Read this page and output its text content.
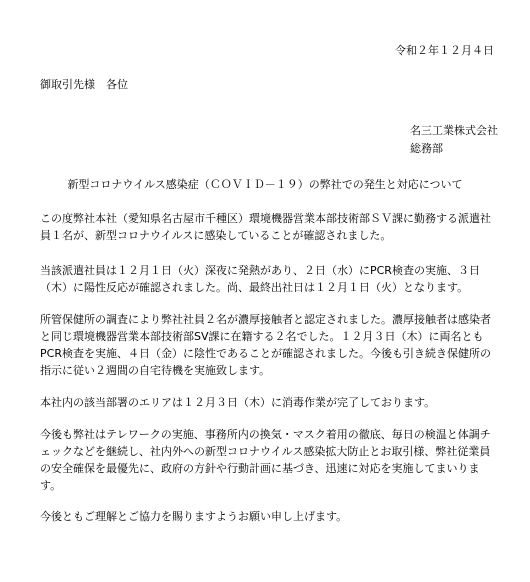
令和２年１２月４日
御取引先様　各位
名三工業株式会社
総務部
新型コロナウイルス感染症（ＣＯＶＩＤ－１９）の弊社での発生と対応について
この度弊社本社（愛知県名古屋市千種区）環境機器営業本部技術部ＳＶ課に勤務する派遣社員１名が、新型コロナウイルスに感染していることが確認されました。
当該派遣社員は１２月１日（火）深夜に発熱があり、２日（水）にPCR検査の実施、３日（木）に陽性反応が確認されました。尚、最終出社日は１２月１日（火）となります。
所管保健所の調査により弊社社員２名が濃厚接触者と認定されました。濃厚接触者は感染者と同じ環境機器営業本部技術部SV課に在籍する２名でした。１２月３日（木）に両名ともPCR検査を実施、４日（金）に陰性であることが確認されました。今後も引き続き保健所の指示に従い２週間の自宅待機を実施致します。
本社内の該当部署のエリアは１２月３日（木）に消毒作業が完了しております。
今後も弊社はテレワークの実施、事務所内の換気・マスク着用の徹底、毎日の検温と体調チェックなどを継続し、社内外への新型コロナウイルス感染拡大防止とお取引様、弊社従業員の安全確保を最優先に、政府の方針や行動計画に基づき、迅速に対応を実施してまいります。
今後ともご理解とご協力を賜りますようお願い申し上げます。
